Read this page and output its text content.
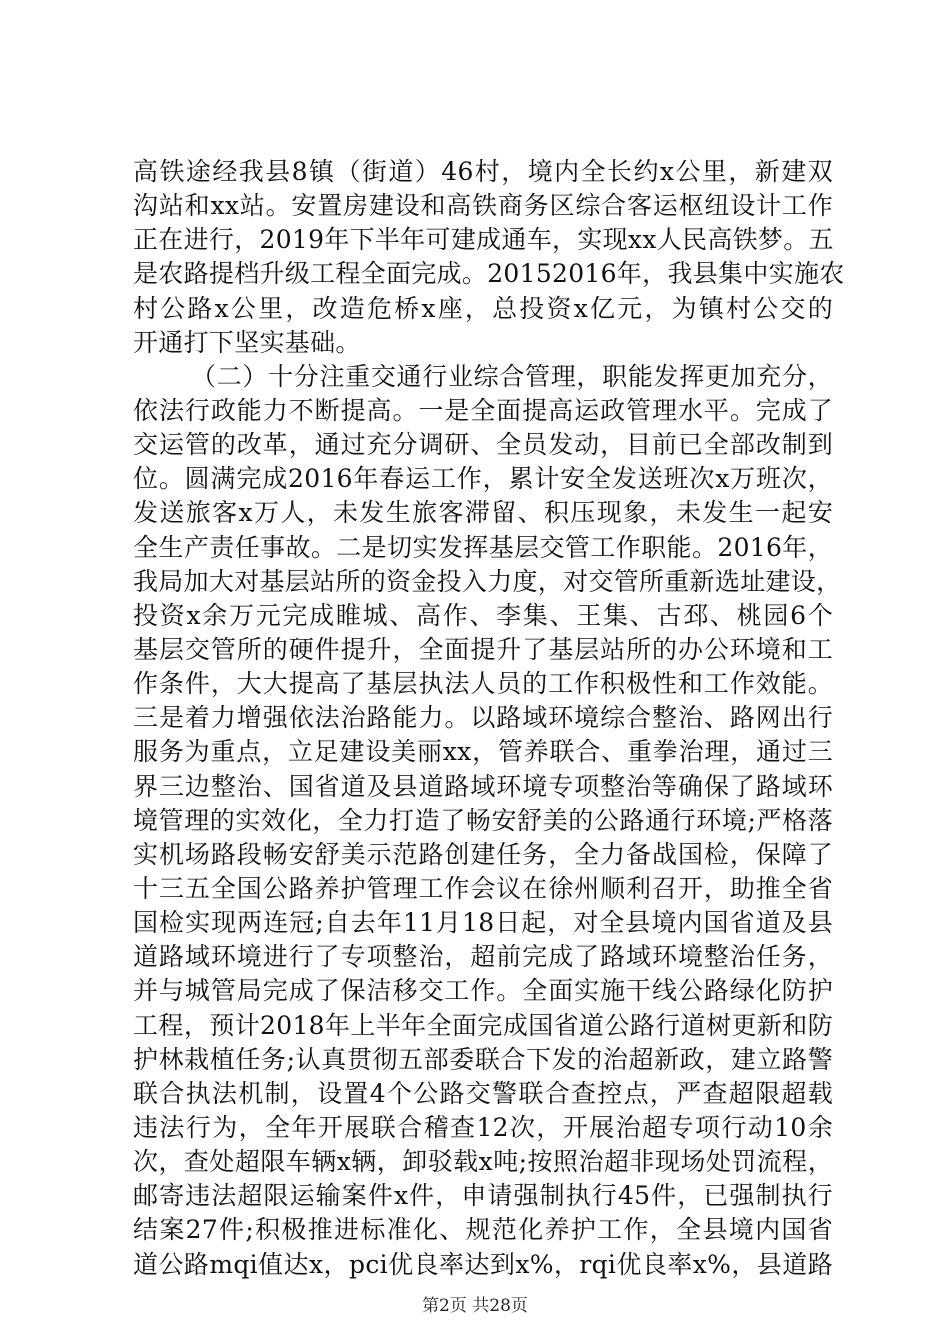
高铁途经我县8镇（街道）46村，境内全长约x公里，新建双
沟站和xx站。安置房建设和高铁商务区综合客运枢纽设计工作
正在进行，2019年下半年可建成通车，实现xx人民高铁梦。五
是农路提档升级工程全面完成。20152016年，我县集中实施农
村公路x公里，改造危桥x座，总投资x亿元，为镇村公交的
开通打下坚实基础。
（二）十分注重交通行业综合管理，职能发挥更加充分，
依法行政能力不断提高。一是全面提高运政管理水平。完成了
交运管的改革，通过充分调研、全员发动，目前已全部改制到
位。圆满完成2016年春运工作，累计安全发送班次x万班次，
发送旅客x万人，未发生旅客滞留、积压现象，未发生一起安
全生产责任事故。二是切实发挥基层交管工作职能。2016年，
我局加大对基层站所的资金投入力度，对交管所重新选址建设，
投资x余万元完成睢城、高作、李集、王集、古邳、桃园6个
基层交管所的硬件提升，全面提升了基层站所的办公环境和工
作条件，大大提高了基层执法人员的工作积极性和工作效能。
三是着力增强依法治路能力。以路域环境综合整治、路网出行
服务为重点，立足建设美丽xx，管养联合、重拳治理，通过三
界三边整治、国省道及县道路域环境专项整治等确保了路域环
境管理的实效化，全力打造了畅安舒美的公路通行环境;严格落
实机场路段畅安舒美示范路创建任务，全力备战国检，保障了
十三五全国公路养护管理工作会议在徐州顺利召开，助推全省
国检实现两连冠;自去年11月18日起，对全县境内国省道及县
道路域环境进行了专项整治，超前完成了路域环境整治任务，
并与城管局完成了保洁移交工作。全面实施干线公路绿化防护
工程，预计2018年上半年全面完成国省道公路行道树更新和防
护林栽植任务;认真贯彻五部委联合下发的治超新政，建立路警
联合执法机制，设置4个公路交警联合查控点，严查超限超载
违法行为，全年开展联合稽查12次，开展治超专项行动10余
次，查处超限车辆x辆，卸驳载x吨;按照治超非现场处罚流程，
邮寄违法超限运输案件x件，申请强制执行45件，已强制执行
结案27件;积极推进标准化、规范化养护工作，全县境内国省
道公路mqi值达x，pci优良率达到x%，rqi优良率x%，县道路
第2页 共28页
